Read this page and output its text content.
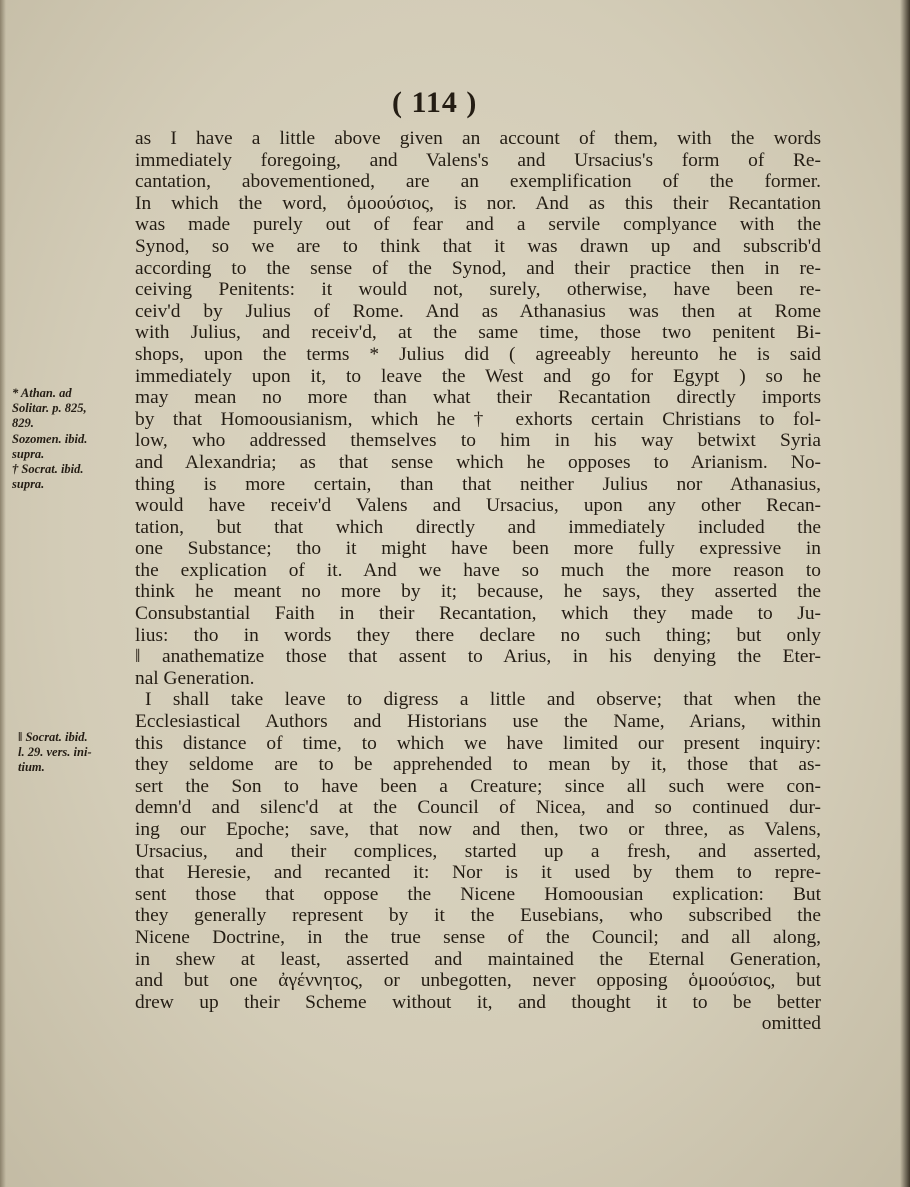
( 114 )
* Athan. ad
Solitar. p. 825,
829.
Sozomen. ibid.
supra.
† Socrat. ibid.
supra.
‖ Socrat. ibid.
l. 29. vers. ini-
tium.
as I have a little above given an account of them, with the words
immediately foregoing, and Valens's and Ursacius's form of Re-
cantation, abovementioned, are an exemplification of the former.
In which the word, ὁμοούσιος, is nor. And as this their Recantation
was made purely out of fear and a servile complyance with the
Synod, so we are to think that it was drawn up and subscrib'd
according to the sense of the Synod, and their practice then in re-
ceiving Penitents: it would not, surely, otherwise, have been re-
ceiv'd by Julius of Rome. And as Athanasius was then at Rome
with Julius, and receiv'd, at the same time, those two penitent Bi-
shops, upon the terms * Julius did ( agreeably hereunto he is said
immediately upon it, to leave the West and go for Egypt ) so he
may mean no more than what their Recantation directly imports
by that Homoousianism, which he † exhorts certain Christians to fol-
low, who addressed themselves to him in his way betwixt Syria
and Alexandria; as that sense which he opposes to Arianism. No-
thing is more certain, than that neither Julius nor Athanasius,
would have receiv'd Valens and Ursacius, upon any other Recan-
tation, but that which directly and immediately included the
one Substance; tho it might have been more fully expressive in
the explication of it. And we have so much the more reason to
think he meant no more by it; because, he says, they asserted the
Consubstantial Faith in their Recantation, which they made to Ju-
lius: tho in words they there declare no such thing; but only
‖ anathematize those that assent to Arius, in his denying the Eter-
nal Generation.
I shall take leave to digress a little and observe; that when the
Ecclesiastical Authors and Historians use the Name, Arians, within
this distance of time, to which we have limited our present inquiry:
they seldome are to be apprehended to mean by it, those that as-
sert the Son to have been a Creature; since all such were con-
demn'd and silenc'd at the Council of Nicea, and so continued dur-
ing our Epoche; save, that now and then, two or three, as Valens,
Ursacius, and their complices, started up a fresh, and asserted,
that Heresie, and recanted it: Nor is it used by them to repre-
sent those that oppose the Nicene Homoousian explication: But
they generally represent by it the Eusebians, who subscribed the
Nicene Doctrine, in the true sense of the Council; and all along,
in shew at least, asserted and maintained the Eternal Generation,
and but one ἀγέννητος, or unbegotten, never opposing ὁμοούσιος, but
drew up their Scheme without it, and thought it to be better
omitted
